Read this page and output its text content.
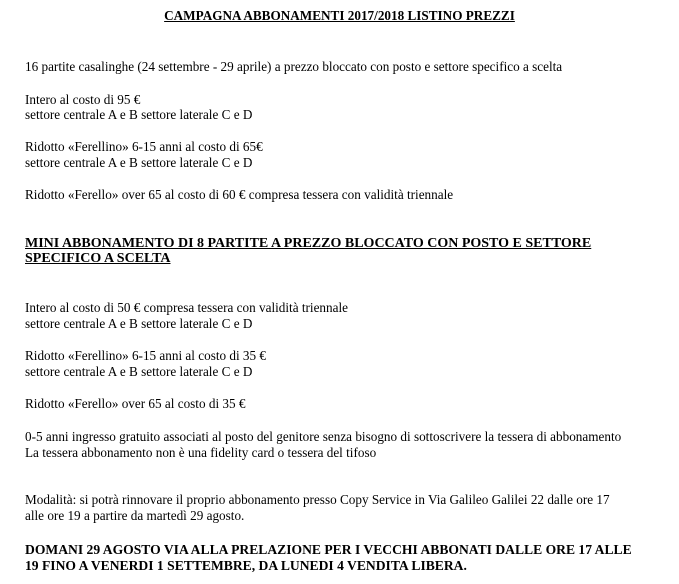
CAMPAGNA ABBONAMENTI 2017/2018 LISTINO PREZZI
16 partite casalinghe (24 settembre - 29 aprile) a prezzo bloccato con posto e settore specifico a scelta
Intero al costo di 95 €
settore centrale A e B settore laterale C e D
Ridotto «Ferellino» 6-15 anni al costo di 65€
settore centrale A e B settore laterale C e D
Ridotto «Ferello» over 65 al costo di 60 € compresa tessera con validità triennale
MINI ABBONAMENTO DI 8 PARTITE A PREZZO BLOCCATO CON POSTO E SETTORE
SPECIFICO A SCELTA
Intero al costo di 50 € compresa tessera con validità triennale
settore centrale A e B settore laterale C e D
Ridotto «Ferellino» 6-15 anni al costo di 35 €
settore centrale A e B settore laterale C e D
Ridotto «Ferello» over 65 al costo di 35 €
0-5 anni ingresso gratuito associati al posto del genitore senza bisogno di sottoscrivere la tessera di abbonamento
La tessera abbonamento non è una fidelity card o tessera del tifoso
Modalità: si potrà rinnovare il proprio abbonamento presso Copy Service in Via Galileo Galilei 22 dalle ore 17
alle ore 19 a partire da martedì 29 agosto.
DOMANI 29 AGOSTO VIA ALLA PRELAZIONE PER I VECCHI ABBONATI DALLE ORE 17 ALLE
19 FINO A VENERDI 1 SETTEMBRE, DA LUNEDI 4 VENDITA LIBERA.
